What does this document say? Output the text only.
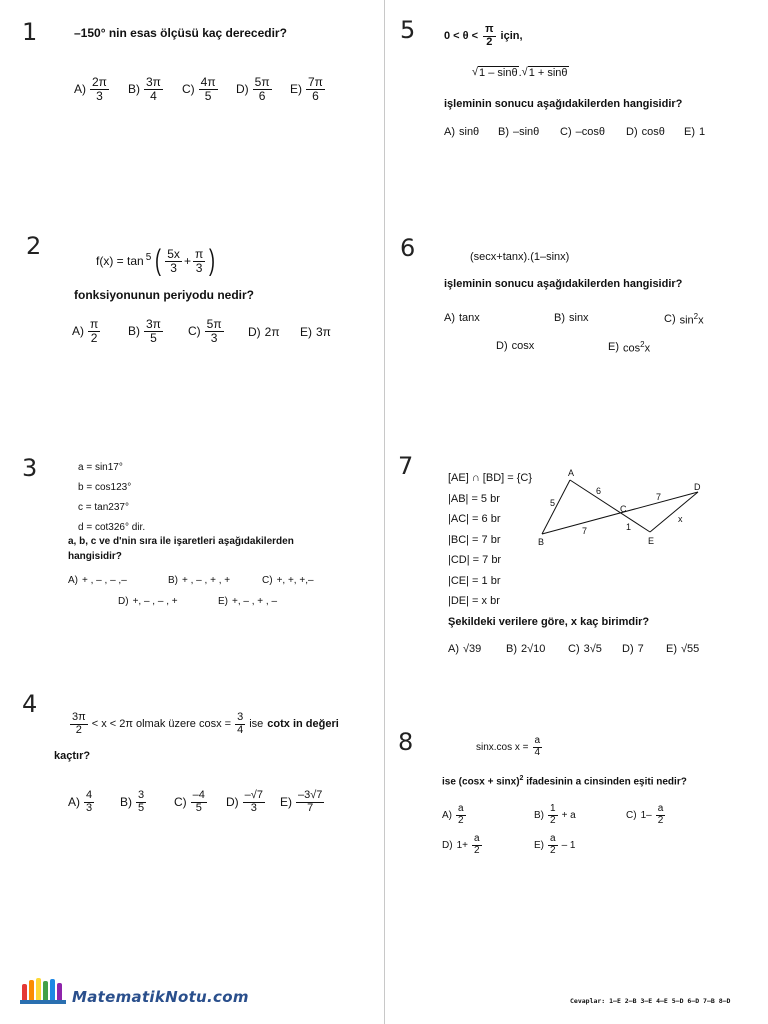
1	–150° nin esas ölçüsü kaç derecedir?
$A) \frac{2\pi}{3} B) \frac{3\pi}{4} C) \frac{4\pi}{5} D) \frac{5\pi}{6} E) \frac{7\pi}{6}$
2
$f(x) = \tan^5$ ( $\frac{5x}{3} + \frac{\pi}{3}$ )
fonksiyonunun periyodu nedir?
$A) \frac{\pi}{2} B) \frac{3\pi}{5} C) \frac{5\pi}{3} D$) 2π E) 3π
3	a = sin17°
b = cos123°
c = tan237°
d = cot326° dir.
a, b, c ve d'nin sıra ile işaretleri aşağıdakilerden
hangisidir?
A) + , – , – ,–	B) + , – , + , +	C) +, +, +,–
D) +, – , – , +	E) +, – , + , –
4
$\frac{3\pi}{2} < x < 2\pi$ olmak üzere $\cos x = \frac{3}{4}$ ise cotx in değeri
kaçtır?
$A) \frac{4}{3} B) \frac{3}{5} C) \frac{-4}{5} D) \frac{-√7}{3} E) \frac{-3√7}{7}$
5	$0 < \theta < \frac{\pi}{2}$ için,
√ 1 – sinθ . √ 1 + sinθ
işleminin sonucu aşağıdakilerden hangisidir?
A) sinθ B) –sinθ C) –cosθ D) cosθ E) 1
6	(secx+tanx).(1–sinx)
işleminin sonucu aşağıdakilerden hangisidir?
A) tanx	B) sinx	C) $\sin^2x$
D) cosx	E) $\cos^2x$
7	[AE] ∩ [BD] = {C}
|AB| = 5 br
|AC| = 6 br
|BC| = 7 br
|CD| = 7 br
|CE| = 1 br
|DE| = x br
A
B
C
D
E
5
6
7
7
1
x
Şekildeki verilere göre, x kaç birimdir?
A) √39 B) 2√10 C) 3√5 D) 7 E) √55
8	sinx.cos $x = \frac{a}{4}$
ise $(\cos x + \sin x)^2$ ifadesinin a cinsinden eşiti nedir?
$A) \frac{a}{2}$	$B) \frac{1}{2} + a$	C) $1- \frac{a}{2}$
D) $1+ \frac{a}{2}$	$E) \frac{a}{2} - 1$
MatematikNotu.com	Cevaplar: 1–E 2–B 3–E 4–E 5–D 6–D 7–B 8–D
